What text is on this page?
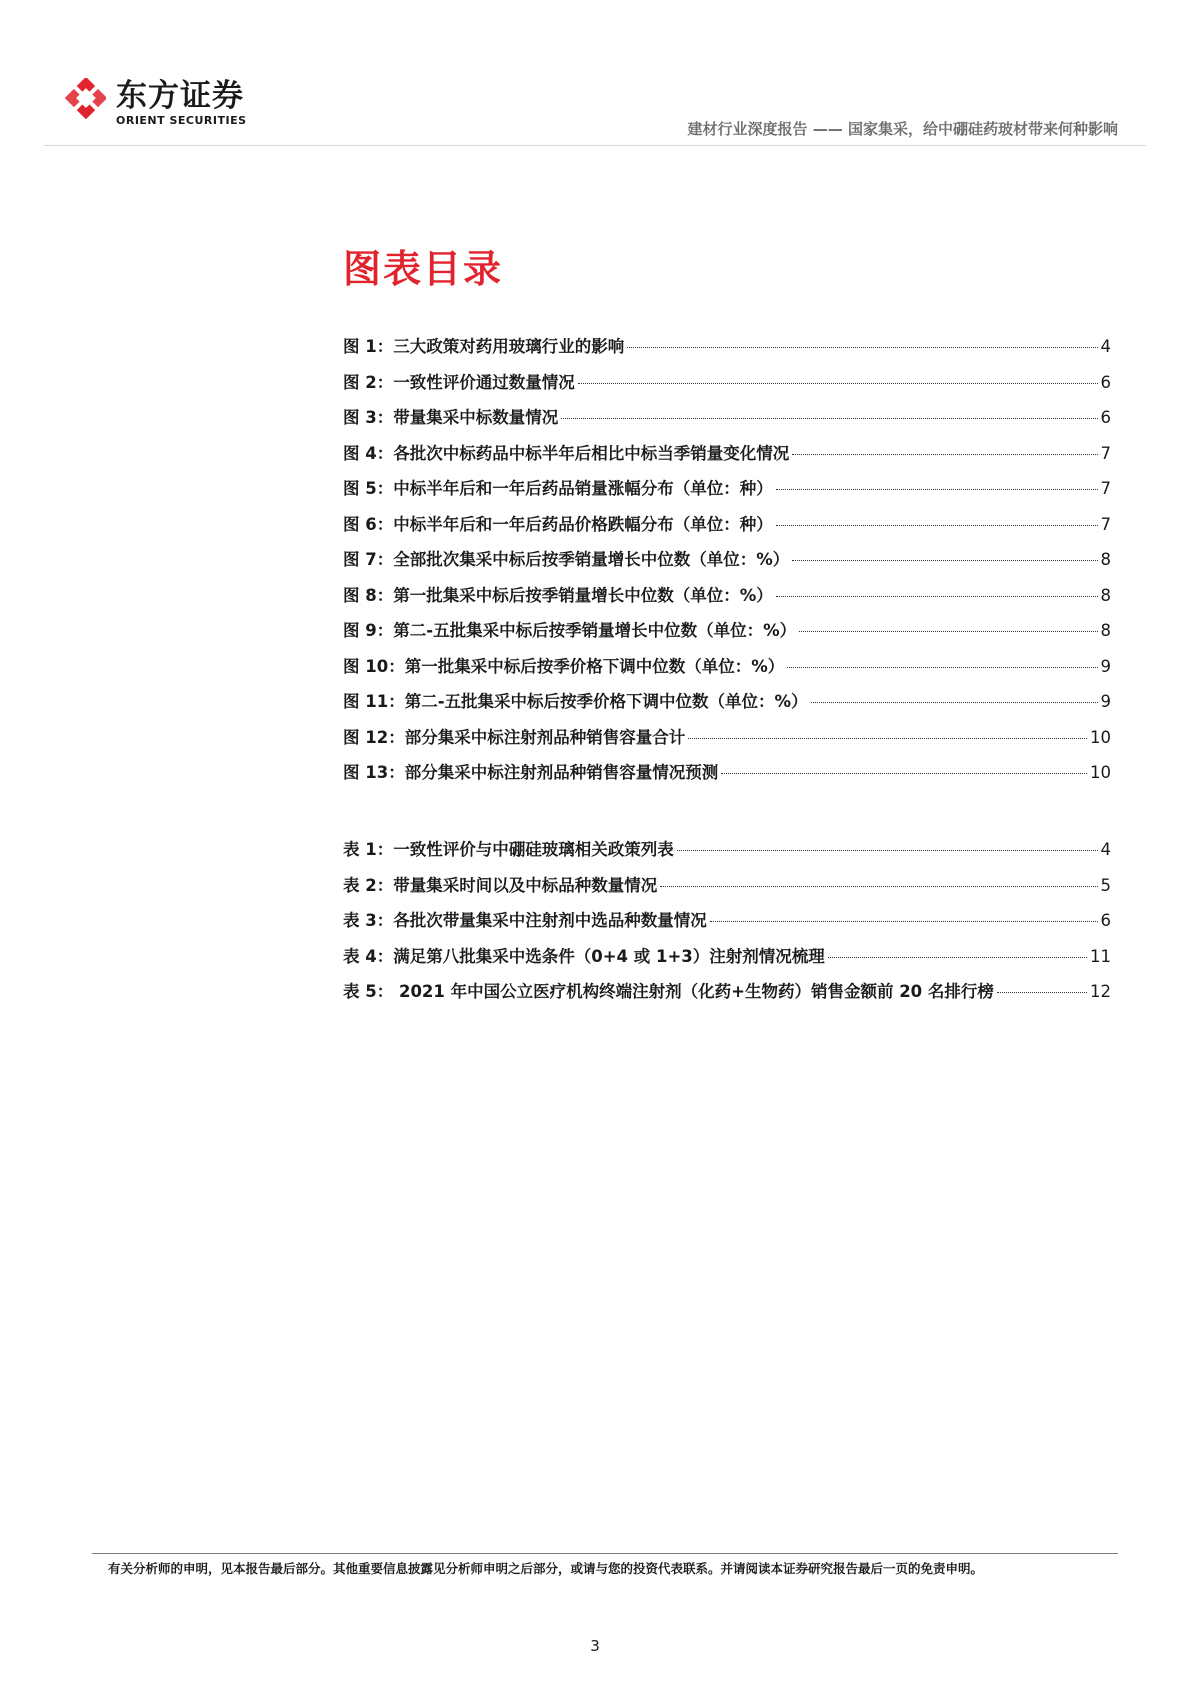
东方证券
ORIENT SECURITIES	建材行业深度报告 —— 国家集采，给中硼硅药玻材带来何种影响
图表目录
图 1：三大政策对药用玻璃行业的影响	4
图 2：一致性评价通过数量情况	6
图 3：带量集采中标数量情况	6
图 4：各批次中标药品中标半年后相比中标当季销量变化情况	7
图 5：中标半年后和一年后药品销量涨幅分布（单位：种）	7
图 6：中标半年后和一年后药品价格跌幅分布（单位：种）	7
图 7：全部批次集采中标后按季销量增长中位数（单位：%）	8
图 8：第一批集采中标后按季销量增长中位数（单位：%）	8
图 9：第二-五批集采中标后按季销量增长中位数（单位：%）	8
图 10：第一批集采中标后按季价格下调中位数（单位：%）	9
图 11：第二-五批集采中标后按季价格下调中位数（单位：%）	9
图 12：部分集采中标注射剂品种销售容量合计	10
图 13：部分集采中标注射剂品种销售容量情况预测	10
表 1：一致性评价与中硼硅玻璃相关政策列表	4
表 2：带量集采时间以及中标品种数量情况	5
表 3：各批次带量集采中注射剂中选品种数量情况	6
表 4：满足第八批集采中选条件（0+4 或 1+3）注射剂情况梳理	11
表 5： 2021 年中国公立医疗机构终端注射剂（化药+生物药）销售金额前 20 名排行榜	12
有关分析师的申明，见本报告最后部分。其他重要信息披露见分析师申明之后部分，或请与您的投资代表联系。并请阅读本证券研究报告最后一页的免责申明。
3
